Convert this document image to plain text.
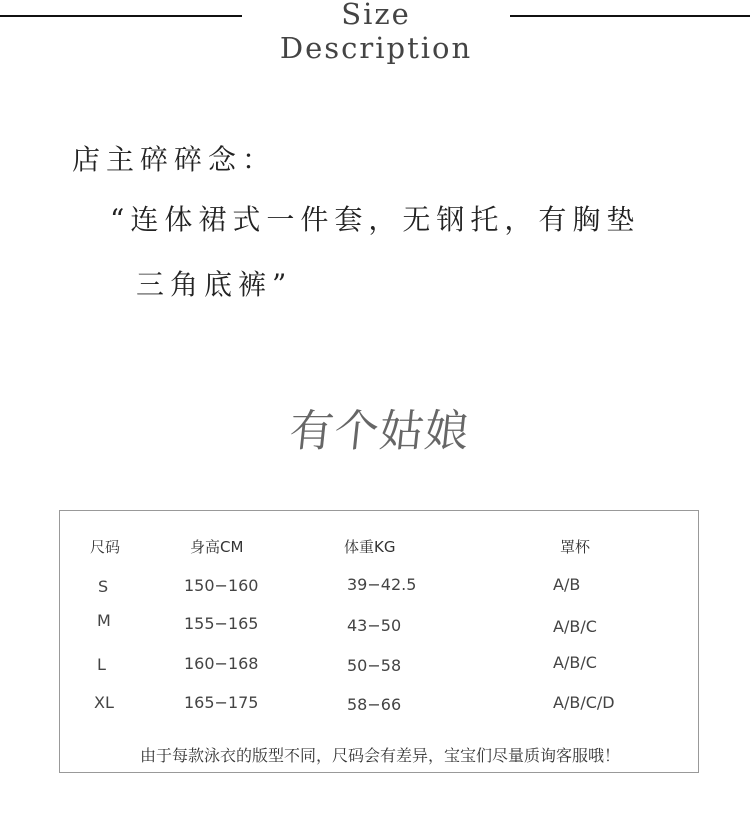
Size Description
店主碎碎念：
“连体裙式一件套，无钢托，有胸垫
三角底裤”
有个姑娘
尺码	身高CM	体重KG	罩杯
S	150−160	39−42.5	A/B
M	155−165	43−50	A/B/C
L	160−168	50−58	A/B/C
XL	165−175	58−66	A/B/C/D
由于每款泳衣的版型不同，尺码会有差异，宝宝们尽量质询客服哦！
